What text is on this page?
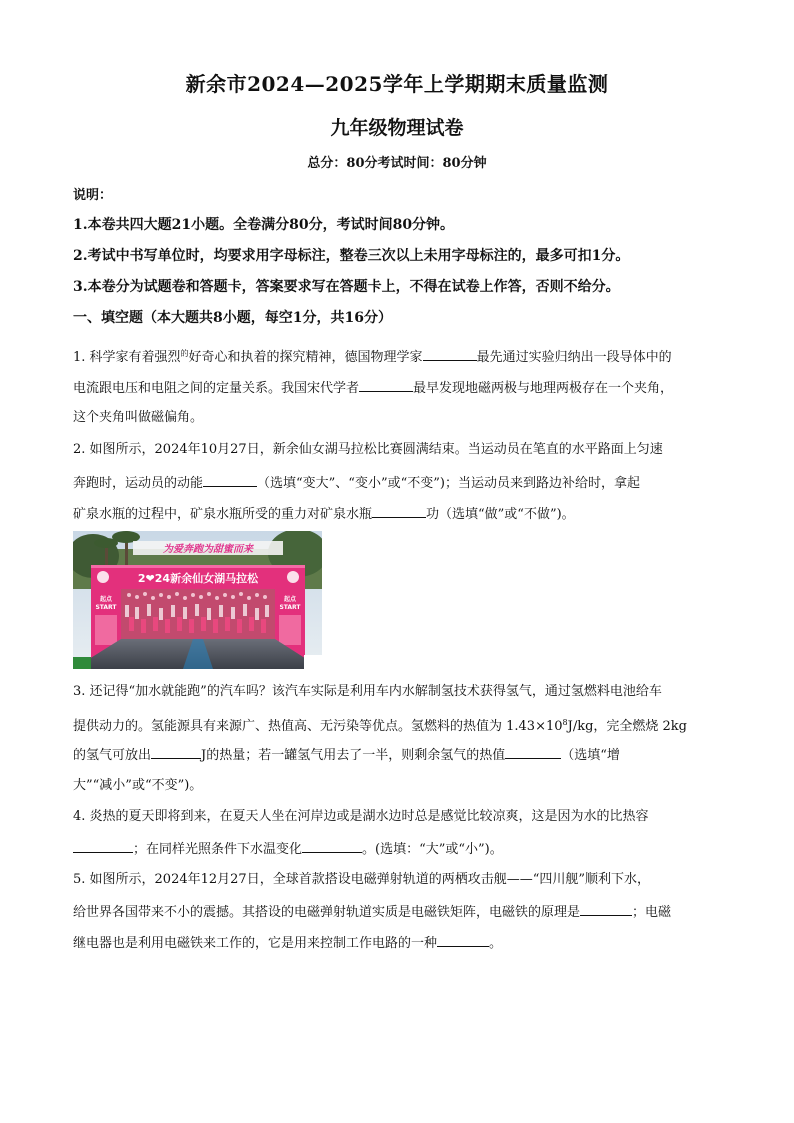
新余市2024—2025学年上学期期末质量监测
九年级物理试卷
总分：80分考试时间：80分钟
说明：
1.本卷共四大题21小题。全卷满分80分，考试时间80分钟。
2.考试中书写单位时，均要求用字母标注，整卷三次以上未用字母标注的，最多可扣1分。
3.本卷分为试题卷和答题卡，答案要求写在答题卡上，不得在试卷上作答，否则不给分。
一、填空题（本大题共8小题，每空1分，共16分）
1. 科学家有着强烈$^的$好奇心和执着的探究精神，德国物理学家	最先通过实验归纳出一段导体中的
电流跟电压和电阻之间的定量关系。我国宋代学者	最早发现地磁两极与地理两极存在一个夹角，
这个夹角叫做磁偏角。
2. 如图所示，2024年10月27日，新余仙女湖马拉松比赛圆满结束。当运动员在笔直的水平路面上匀速
奔跑时，运动员的动能	（选填“变大”、“变小”或“不变”)；当运动员来到路边补给时，拿起
矿泉水瓶的过程中，矿泉水瓶所受的重力对矿泉水瓶	功（选填“做”或“不做”)。
为爱奔跑为甜蜜而来
2❤24新余仙女湖马拉松
起点
START
起点
START
3. 还记得“加水就能跑”的汽车吗？该汽车实际是利用车内水解制氢技术获得氢气，通过氢燃料电池给车
提供动力的。氢能源具有来源广、热值高、无污染等优点。氢燃料的热值为 $1.43\times 10^8J/kg$，完全燃烧 2kg
的氢气可放出	J的热量；若一罐氢气用去了一半，则剩余氢气的热值	（选填“增
大”“减小”或“不变”)。
4. 炎热的夏天即将到来，在夏天人坐在河岸边或是湖水边时总是感觉比较凉爽，这是因为水的比热容
；在同样光照条件下水温变化	。(选填：“大”或“小”)。
5. 如图所示，2024年12月27日，全球首款搭设电磁弹射轨道的两栖攻击舰——“四川舰”顺利下水，
给世界各国带来不小的震撼。其搭设的电磁弹射轨道实质是电磁铁矩阵，电磁铁的原理是	；电磁
继电器也是利用电磁铁来工作的，它是用来控制工作电路的一种	。
